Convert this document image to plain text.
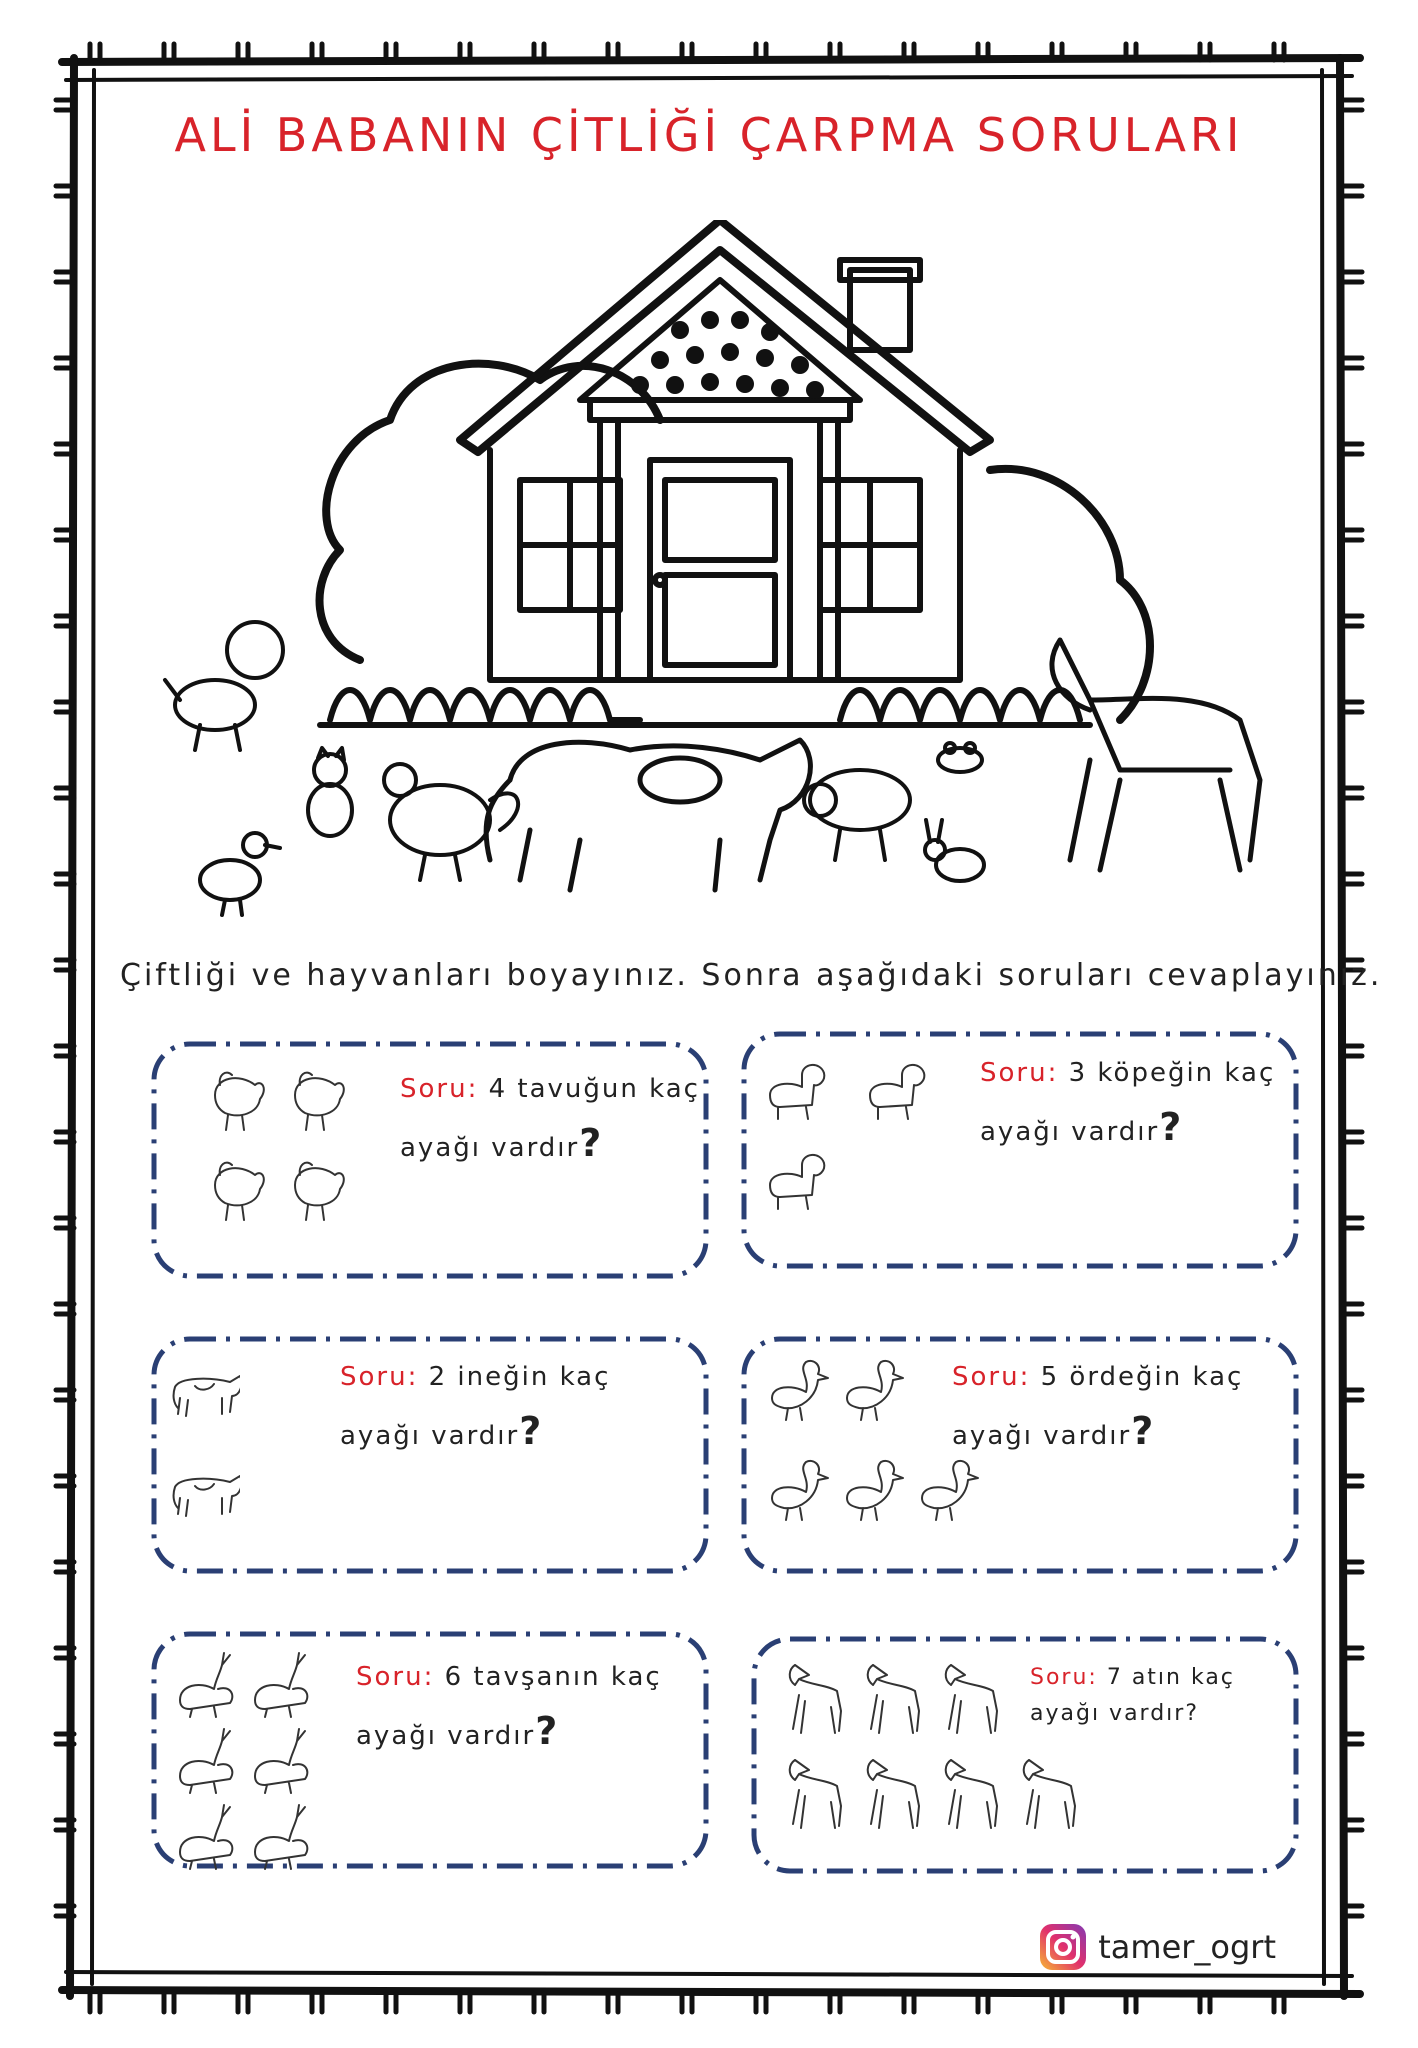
ALİ BABANIN ÇİTLİĞİ ÇARPMA SORULARI
Çiftliği ve hayvanları boyayınız. Sonra aşağıdaki soruları cevaplayınız.
Soru: 4 tavuğun kaç
ayağı vardır?
Soru: 3 köpeğin kaç
ayağı vardır?
Soru: 2 ineğin kaç
ayağı vardır?
Soru: 5 ördeğin kaç
ayağı vardır?
Soru: 6 tavşanın kaç
ayağı vardır?
Soru: 7 atın kaç
ayağı vardır?
tamer_ogrt
